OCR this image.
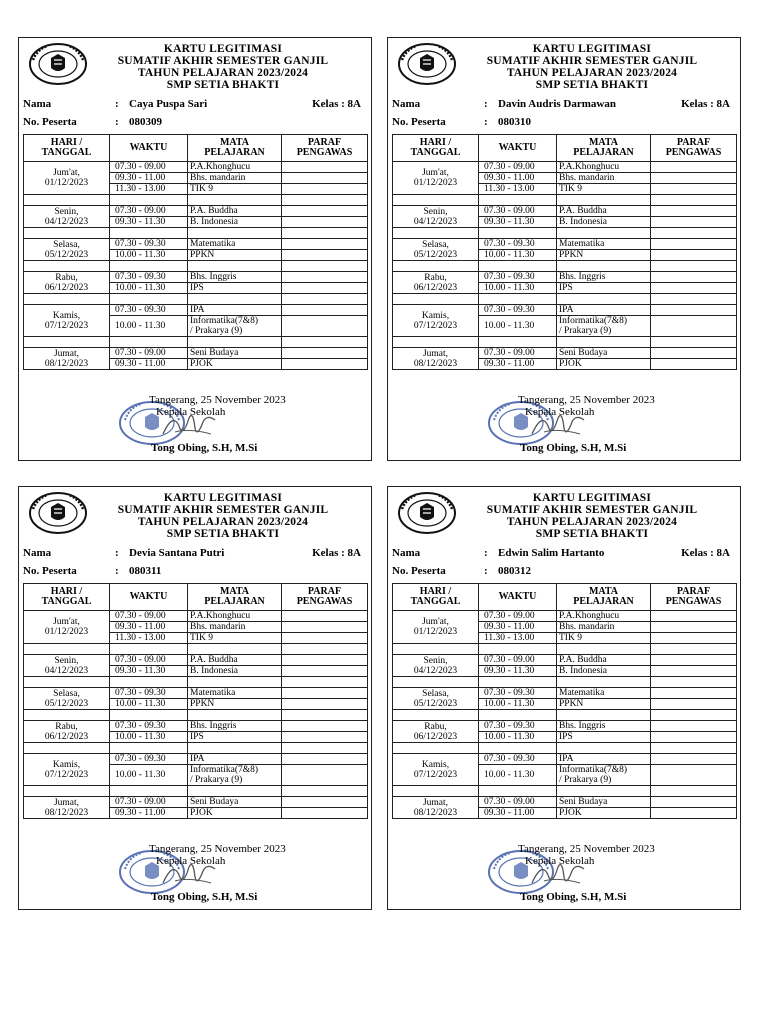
KARTU LEGITIMASI
SUMATIF AKHIR SEMESTER GANJIL
TAHUN PELAJARAN 2023/2024
SMP SETIA BHAKTI
Nama	: Caya Puspa Sari	Kelas : 8A
No. Peserta	: 080309
HARI /
TANGGAL	WAKTU	MATA
PELAJARAN	PARAF
PENGAWAS
Jum'at,
01/12/2023	07.30 - 09.00	P.A.Khonghucu	
	09.30 - 11.00	Bhs. mandarin	
	11.30 - 13.00	TIK 9	

Senin,
04/12/2023	07.30 - 09.00	P.A. Buddha	
	09.30 - 11.30	B. Indonesia	

Selasa,
05/12/2023	07.30 - 09.30	Matematika	
	10.00 - 11.30	PPKN	

Rabu,
06/12/2023	07.30 - 09.30	Bhs. Inggris	
	10.00 - 11.30	IPS	

Kamis,
07/12/2023	07.30 - 09.30	IPA	
	10.00 - 11.30	Informatika(7&8)
/ Prakarya (9)	

Jumat,
08/12/2023	07.30 - 09.00	Seni Budaya	
	09.30 - 11.00	PJOK	
Tangerang, 25 November 2023
Kepala Sekolah
Tong Obing, S.H, M.Si
KARTU LEGITIMASI
SUMATIF AKHIR SEMESTER GANJIL
TAHUN PELAJARAN 2023/2024
SMP SETIA BHAKTI
Nama	: Davin Audris Darmawan	Kelas : 8A
No. Peserta	: 080310
HARI /
TANGGAL	WAKTU	MATA
PELAJARAN	PARAF
PENGAWAS
Jum'at,
01/12/2023	07.30 - 09.00	P.A.Khonghucu	
	09.30 - 11.00	Bhs. mandarin	
	11.30 - 13.00	TIK 9	

Senin,
04/12/2023	07.30 - 09.00	P.A. Buddha	
	09.30 - 11.30	B. Indonesia	

Selasa,
05/12/2023	07.30 - 09.30	Matematika	
	10.00 - 11.30	PPKN	

Rabu,
06/12/2023	07.30 - 09.30	Bhs. Inggris	
	10.00 - 11.30	IPS	

Kamis,
07/12/2023	07.30 - 09.30	IPA	
	10.00 - 11.30	Informatika(7&8)
/ Prakarya (9)	

Jumat,
08/12/2023	07.30 - 09.00	Seni Budaya	
	09.30 - 11.00	PJOK	
Tangerang, 25 November 2023
Kepala Sekolah
Tong Obing, S.H, M.Si
KARTU LEGITIMASI
SUMATIF AKHIR SEMESTER GANJIL
TAHUN PELAJARAN 2023/2024
SMP SETIA BHAKTI
Nama	: Devia Santana Putri	Kelas : 8A
No. Peserta	: 080311
HARI /
TANGGAL	WAKTU	MATA
PELAJARAN	PARAF
PENGAWAS
Jum'at,
01/12/2023	07.30 - 09.00	P.A.Khonghucu	
	09.30 - 11.00	Bhs. mandarin	
	11.30 - 13.00	TIK 9	

Senin,
04/12/2023	07.30 - 09.00	P.A. Buddha	
	09.30 - 11.30	B. Indonesia	

Selasa,
05/12/2023	07.30 - 09.30	Matematika	
	10.00 - 11.30	PPKN	

Rabu,
06/12/2023	07.30 - 09.30	Bhs. Inggris	
	10.00 - 11.30	IPS	

Kamis,
07/12/2023	07.30 - 09.30	IPA	
	10.00 - 11.30	Informatika(7&8)
/ Prakarya (9)	

Jumat,
08/12/2023	07.30 - 09.00	Seni Budaya	
	09.30 - 11.00	PJOK	
Tangerang, 25 November 2023
Kepala Sekolah
Tong Obing, S.H, M.Si
KARTU LEGITIMASI
SUMATIF AKHIR SEMESTER GANJIL
TAHUN PELAJARAN 2023/2024
SMP SETIA BHAKTI
Nama	: Edwin Salim Hartanto	Kelas : 8A
No. Peserta	: 080312
HARI /
TANGGAL	WAKTU	MATA
PELAJARAN	PARAF
PENGAWAS
Jum'at,
01/12/2023	07.30 - 09.00	P.A.Khonghucu	
	09.30 - 11.00	Bhs. mandarin	
	11.30 - 13.00	TIK 9	

Senin,
04/12/2023	07.30 - 09.00	P.A. Buddha	
	09.30 - 11.30	B. Indonesia	

Selasa,
05/12/2023	07.30 - 09.30	Matematika	
	10.00 - 11.30	PPKN	

Rabu,
06/12/2023	07.30 - 09.30	Bhs. Inggris	
	10.00 - 11.30	IPS	

Kamis,
07/12/2023	07.30 - 09.30	IPA	
	10.00 - 11.30	Informatika(7&8)
/ Prakarya (9)	

Jumat,
08/12/2023	07.30 - 09.00	Seni Budaya	
	09.30 - 11.00	PJOK	
Tangerang, 25 November 2023
Kepala Sekolah
Tong Obing, S.H, M.Si
